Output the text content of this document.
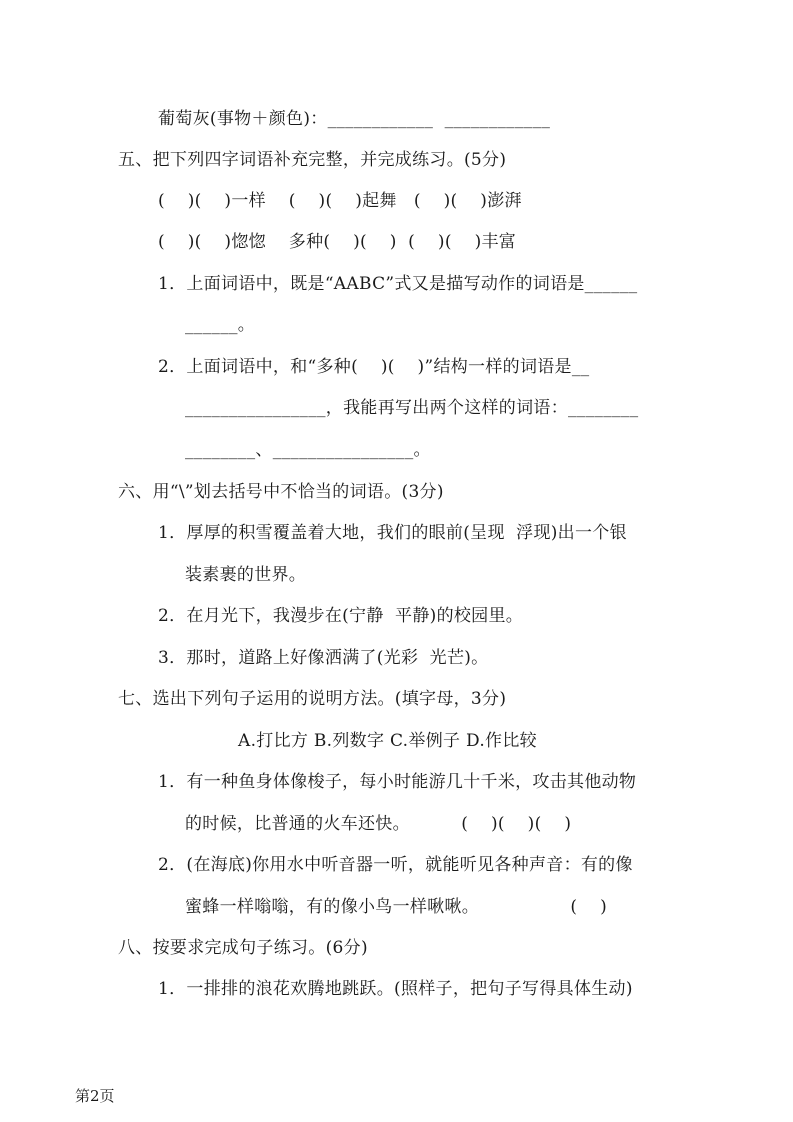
葡萄灰(事物＋颜色)：____________  ____________
五、把下列四字词语补充完整，并完成练习。(5分)
(    )(    )一样    (    )(    )起舞   (    )(    )澎湃
(    )(    )惚惚    多种(    )(    )  (    )(    )丰富
1．上面词语中，既是“AABC”式又是描写动作的词语是______
______。
2．上面词语中，和“多种(    )(    )”结构一样的词语是__
________________，我能再写出两个这样的词语：________
________、________________。
六、用“\”划去括号中不恰当的词语。(3分)
1．厚厚的积雪覆盖着大地，我们的眼前(呈现  浮现)出一个银
装素裹的世界。
2．在月光下，我漫步在(宁静  平静)的校园里。
3．那时，道路上好像洒满了(光彩  光芒)。
七、选出下列句子运用的说明方法。(填字母，3分)
A.打比方 B.列数字 C.举例子 D.作比较
1．有一种鱼身体像梭子，每小时能游几十千米，攻击其他动物
的时候，比普通的火车还快。         (    )(    )(    )
2．(在海底)你用水中听音器一听，就能听见各种声音：有的像
蜜蜂一样嗡嗡，有的像小鸟一样啾啾。                (    )
八、按要求完成句子练习。(6分)
1．一排排的浪花欢腾地跳跃。(照样子，把句子写得具体生动)
第2页
